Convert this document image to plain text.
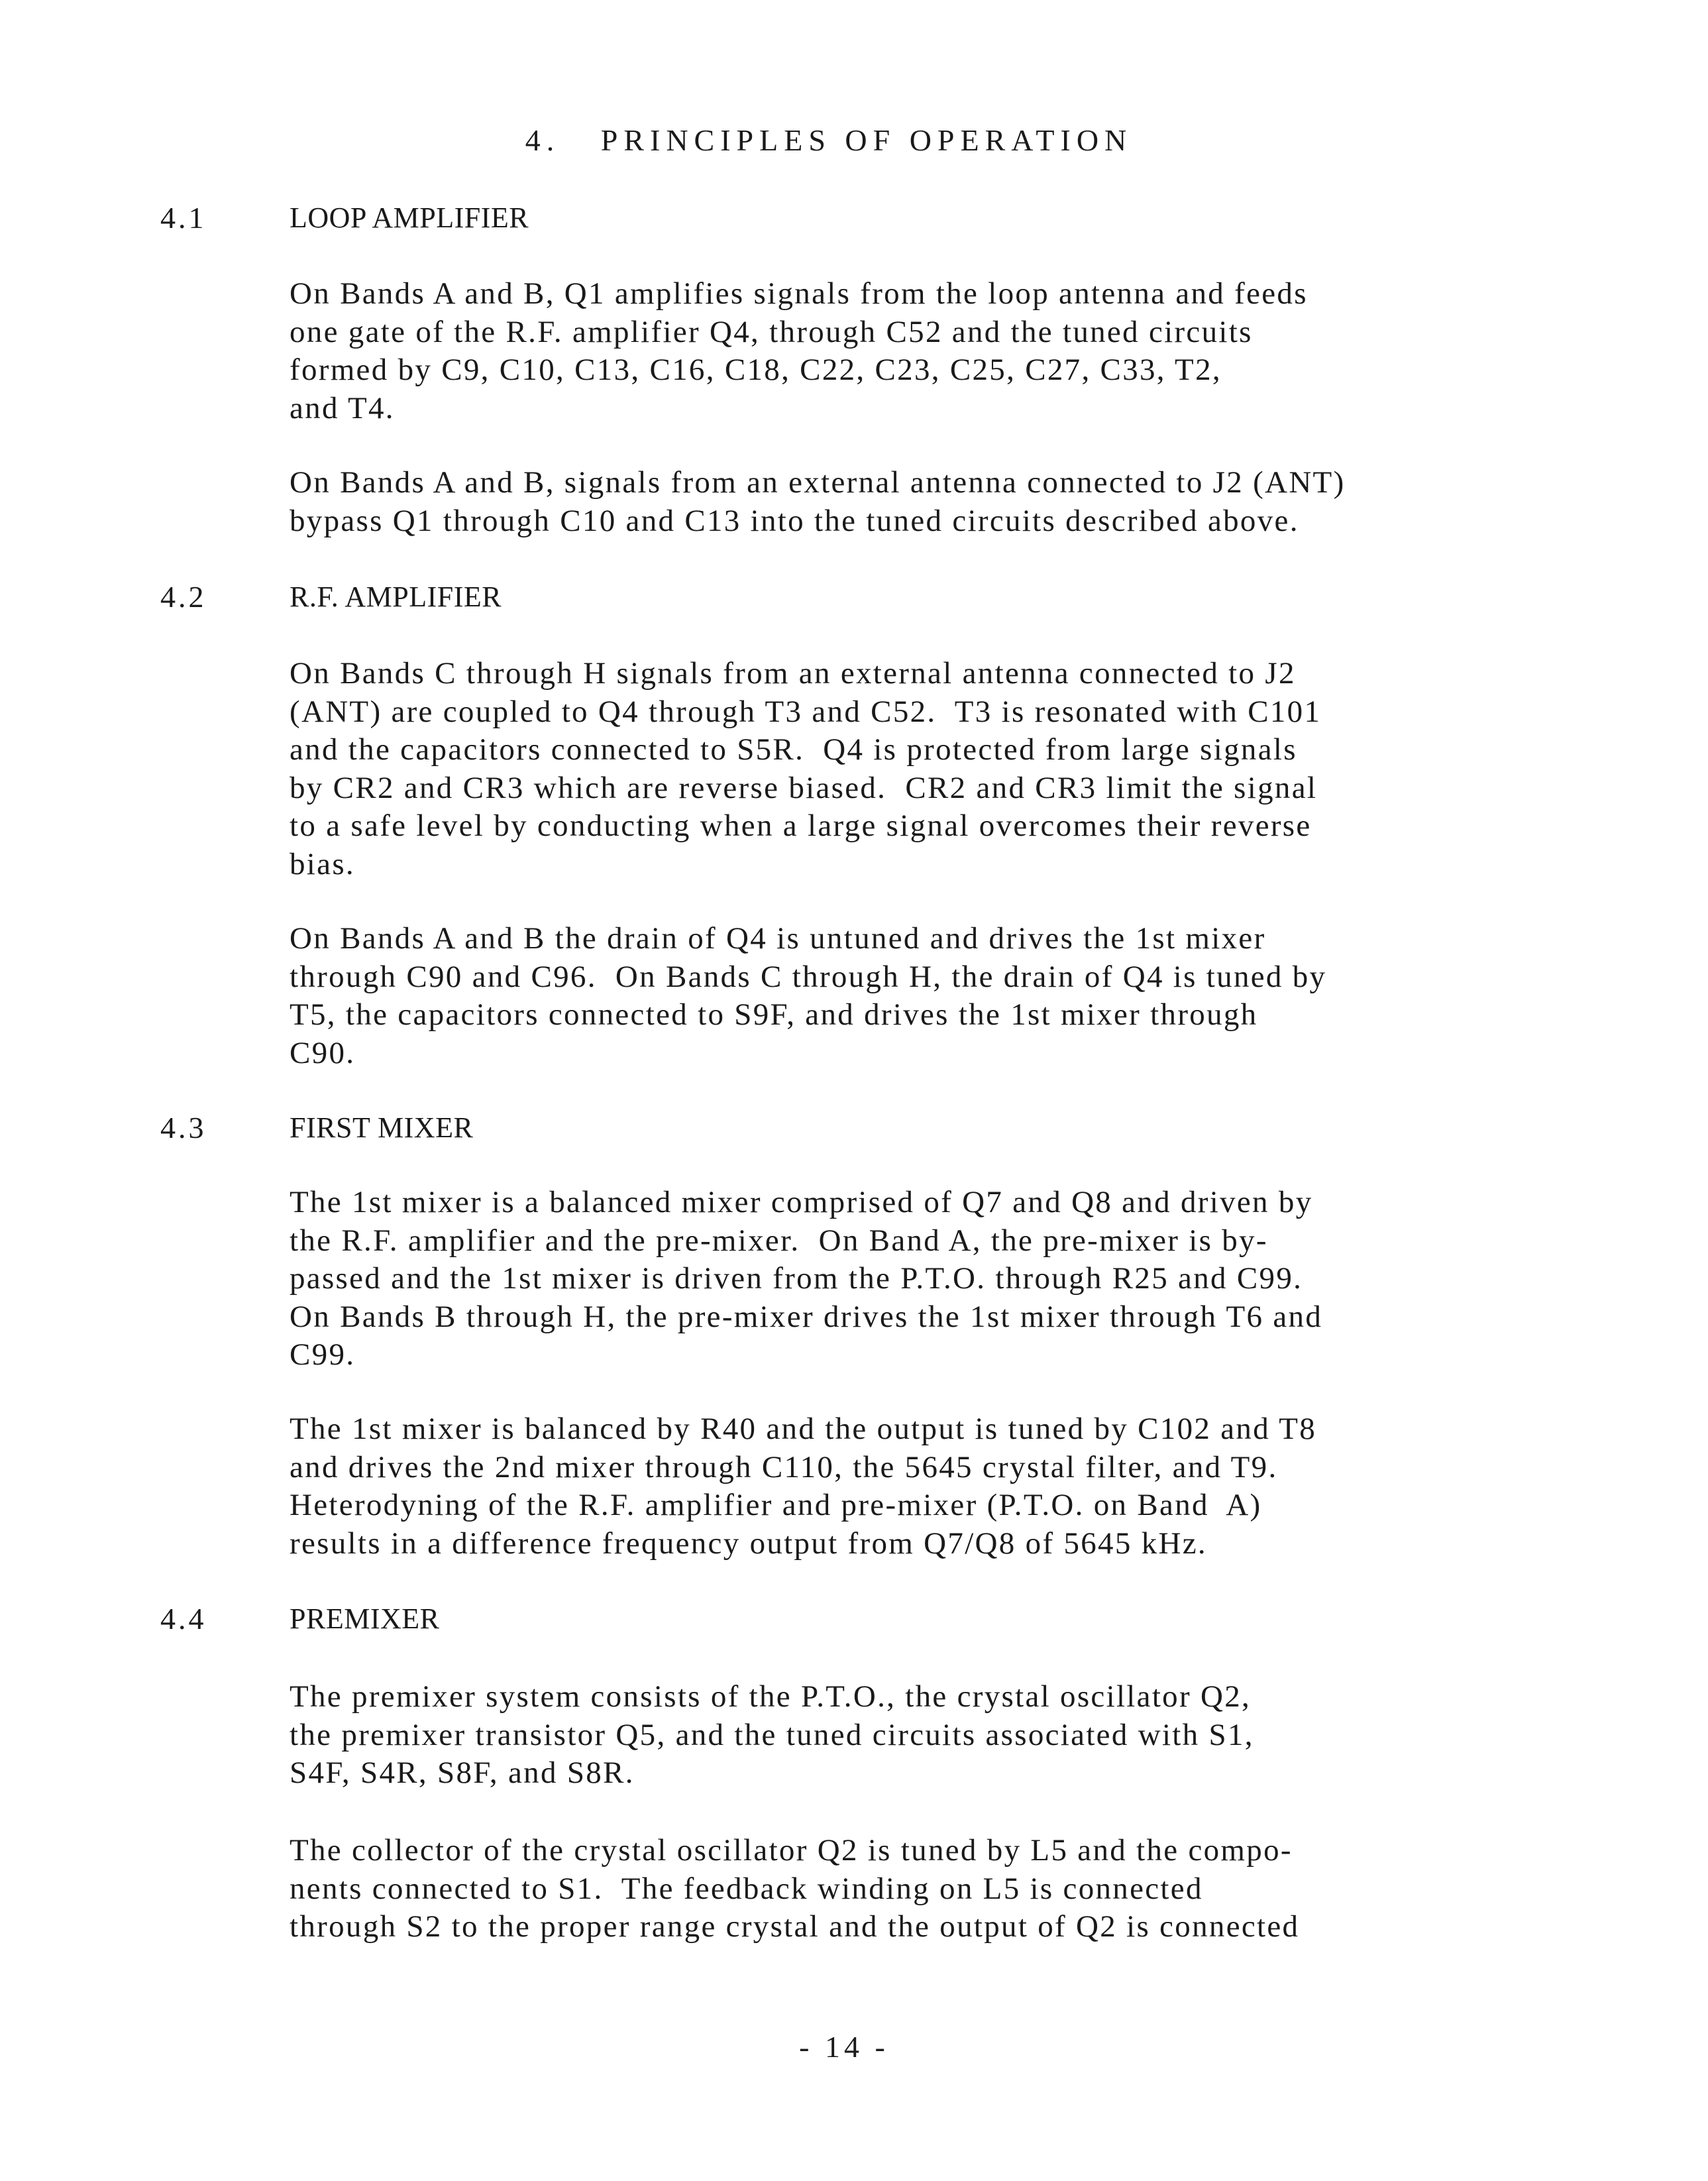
4.   PRINCIPLES OF OPERATION
4.1	LOOP AMPLIFIER
On Bands A and B, Q1 amplifies signals from the loop antenna and feeds
one gate of the R.F. amplifier Q4, through C52 and the tuned circuits
formed by C9, C10, C13, C16, C18, C22, C23, C25, C27, C33, T2,
and T4.
On Bands A and B, signals from an external antenna connected to J2 (ANT)
bypass Q1 through C10 and C13 into the tuned circuits described above.
4.2	R.F. AMPLIFIER
On Bands C through H signals from an external antenna connected to J2
(ANT) are coupled to Q4 through T3 and C52.  T3 is resonated with C101
and the capacitors connected to S5R.  Q4 is protected from large signals
by CR2 and CR3 which are reverse biased.  CR2 and CR3 limit the signal
to a safe level by conducting when a large signal overcomes their reverse
bias.
On Bands A and B the drain of Q4 is untuned and drives the 1st mixer
through C90 and C96.  On Bands C through H, the drain of Q4 is tuned by
T5, the capacitors connected to S9F, and drives the 1st mixer through
C90.
4.3	FIRST MIXER
The 1st mixer is a balanced mixer comprised of Q7 and Q8 and driven by
the R.F. amplifier and the pre-mixer.  On Band A, the pre-mixer is by-
passed and the 1st mixer is driven from the P.T.O. through R25 and C99.
On Bands B through H, the pre-mixer drives the 1st mixer through T6 and
C99.
The 1st mixer is balanced by R40 and the output is tuned by C102 and T8
and drives the 2nd mixer through C110, the 5645 crystal filter, and T9.
Heterodyning of the R.F. amplifier and pre-mixer (P.T.O. on Band  A)
results in a difference frequency output from Q7/Q8 of 5645 kHz.
4.4	PREMIXER
The premixer system consists of the P.T.O., the crystal oscillator Q2,
the premixer transistor Q5, and the tuned circuits associated with S1,
S4F, S4R, S8F, and S8R.
The collector of the crystal oscillator Q2 is tuned by L5 and the compo-
nents connected to S1.  The feedback winding on L5 is connected
through S2 to the proper range crystal and the output of Q2 is connected
- 14 -
